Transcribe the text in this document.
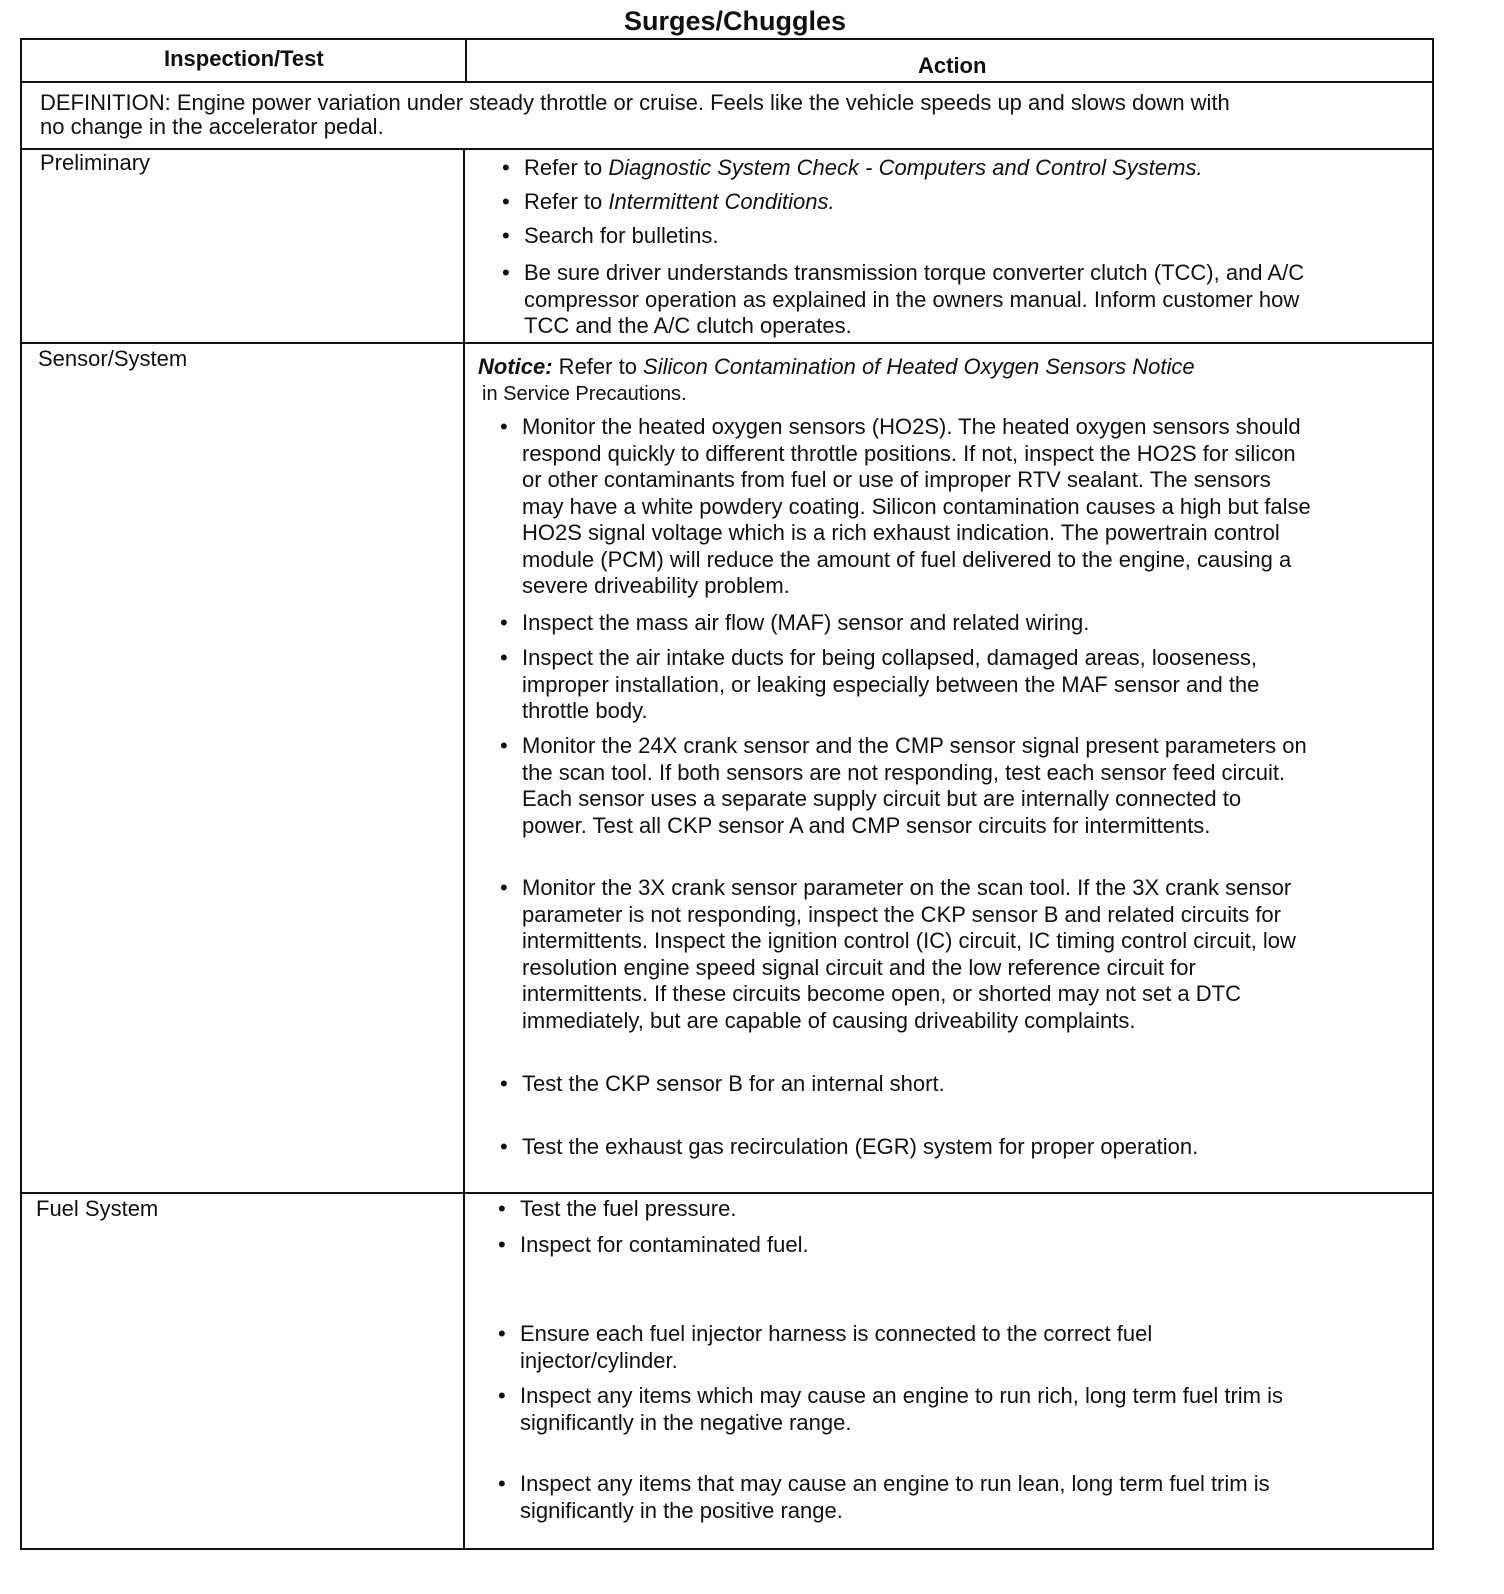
Surges/Chuggles
Inspection/Test	Action
DEFINITION: Engine power variation under steady throttle or cruise. Feels like the vehicle speeds up and slows down with
no change in the accelerator pedal.
Preliminary	• Refer to Diagnostic System Check - Computers and Control Systems.
• Refer to Intermittent Conditions.
• Search for bulletins.
• Be sure driver understands transmission torque converter clutch (TCC), and A/C
compressor operation as explained in the owners manual. Inform customer how
TCC and the A/C clutch operates.
Sensor/System	Notice: Refer to Silicon Contamination of Heated Oxygen Sensors Notice
in Service Precautions.
• Monitor the heated oxygen sensors (HO2S). The heated oxygen sensors should
respond quickly to different throttle positions. If not, inspect the HO2S for silicon
or other contaminants from fuel or use of improper RTV sealant. The sensors
may have a white powdery coating. Silicon contamination causes a high but false
HO2S signal voltage which is a rich exhaust indication. The powertrain control
module (PCM) will reduce the amount of fuel delivered to the engine, causing a
severe driveability problem.
• Inspect the mass air flow (MAF) sensor and related wiring.
• Inspect the air intake ducts for being collapsed, damaged areas, looseness,
improper installation, or leaking especially between the MAF sensor and the
throttle body.
• Monitor the 24X crank sensor and the CMP sensor signal present parameters on
the scan tool. If both sensors are not responding, test each sensor feed circuit.
Each sensor uses a separate supply circuit but are internally connected to
power. Test all CKP sensor A and CMP sensor circuits for intermittents.
• Monitor the 3X crank sensor parameter on the scan tool. If the 3X crank sensor
parameter is not responding, inspect the CKP sensor B and related circuits for
intermittents. Inspect the ignition control (IC) circuit, IC timing control circuit, low
resolution engine speed signal circuit and the low reference circuit for
intermittents. If these circuits become open, or shorted may not set a DTC
immediately, but are capable of causing driveability complaints.
• Test the CKP sensor B for an internal short.
• Test the exhaust gas recirculation (EGR) system for proper operation.
Fuel System	• Test the fuel pressure.
• Inspect for contaminated fuel.
• Ensure each fuel injector harness is connected to the correct fuel
injector/cylinder.
• Inspect any items which may cause an engine to run rich, long term fuel trim is
significantly in the negative range.
• Inspect any items that may cause an engine to run lean, long term fuel trim is
significantly in the positive range.
